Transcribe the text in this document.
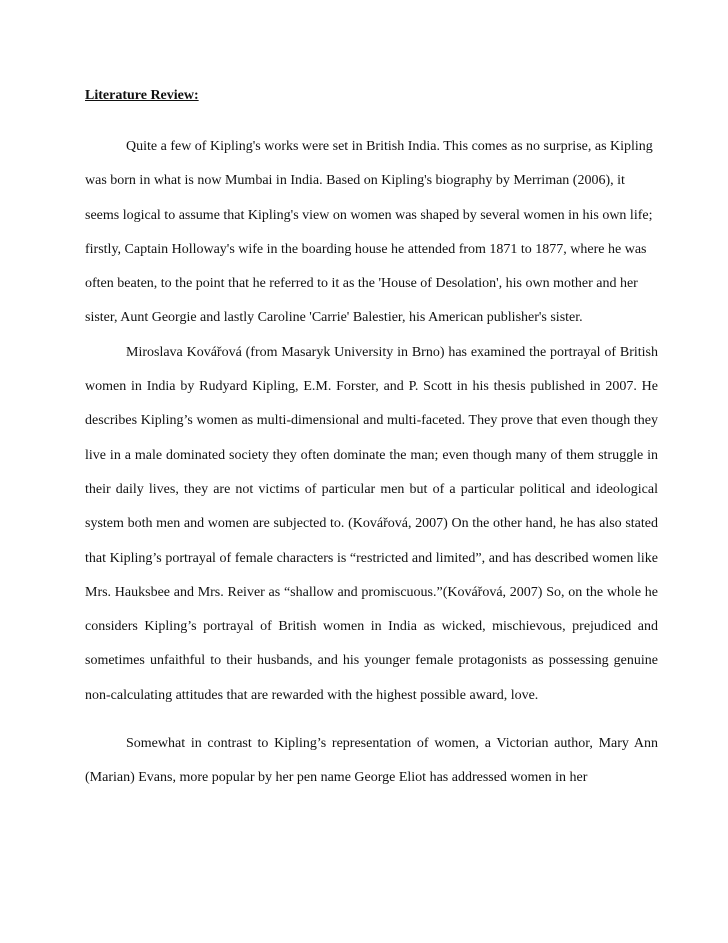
Literature Review:

Quite a few of Kipling's works were set in British India. This comes as no surprise, as Kipling was born in what is now Mumbai in India. Based on Kipling's biography by Merriman (2006), it seems logical to assume that Kipling's view on women was shaped by several women in his own life; firstly, Captain Holloway's wife in the boarding house he attended from 1871 to 1877, where he was often beaten, to the point that he referred to it as the 'House of Desolation', his own mother and her sister, Aunt Georgie and lastly Caroline 'Carrie' Balestier, his American publisher's sister.

Miroslava Kovářová (from Masaryk University in Brno) has examined the portrayal of British women in India by Rudyard Kipling, E.M. Forster, and P. Scott in his thesis published in 2007. He describes Kipling’s women as multi-dimensional and multi-faceted. They prove that even though they live in a male dominated society they often dominate the man; even though many of them struggle in their daily lives, they are not victims of particular men but of a particular political and ideological system both men and women are subjected to. (Kovářová, 2007) On the other hand, he has also stated that Kipling’s portrayal of female characters is “restricted and limited”, and has described women like Mrs. Hauksbee and Mrs. Reiver as “shallow and promiscuous.”(Kovářová, 2007) So, on the whole he considers Kipling’s portrayal of British women in India as wicked, mischievous, prejudiced and sometimes unfaithful to their husbands, and his younger female protagonists as possessing genuine non-calculating attitudes that are rewarded with the highest possible award, love.

Somewhat in contrast to Kipling’s representation of women, a Victorian author, Mary Ann (Marian) Evans, more popular by her pen name George Eliot has addressed women in her
